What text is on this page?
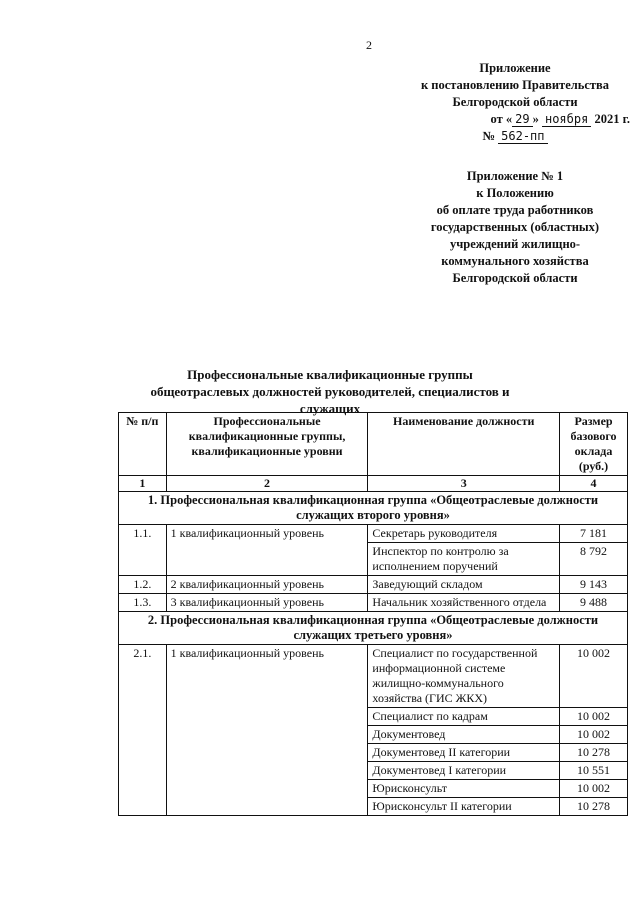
2
Приложение
к постановлению Правительства
Белгородской области
от « 29 » ноября 2021 г.
№ 562-пп
Приложение № 1
к Положению
об оплате труда работников
государственных (областных)
учреждений жилищно-
коммунального хозяйства
Белгородской области
Профессиональные квалификационные группы
общеотраслевых должностей руководителей, специалистов и служащих
№ п/п	Профессиональные квалификационные группы, квалификационные уровни	Наименование должности	Размер базового оклада (руб.)
1	2	3	4
1. Профессиональная квалификационная группа «Общеотраслевые должности служащих второго уровня»			
1.1.	1 квалификационный уровень	Секретарь руководителя	7 181
		Инспектор по контролю за исполнением поручений	8 792
1.2.	2 квалификационный уровень	Заведующий складом	9 143
1.3.	3 квалификационный уровень	Начальник хозяйственного отдела	9 488
2. Профессиональная квалификационная группа «Общеотраслевые должности служащих третьего уровня»			
2.1.	1 квалификационный уровень	Специалист по государственной информационной системе жилищно-коммунального хозяйства (ГИС ЖКХ)	10 002
		Специалист по кадрам	10 002
		Документовед	10 002
		Документовед II категории	10 278
		Документовед I категории	10 551
		Юрисконсульт	10 002
		Юрисконсульт II категории	10 278
